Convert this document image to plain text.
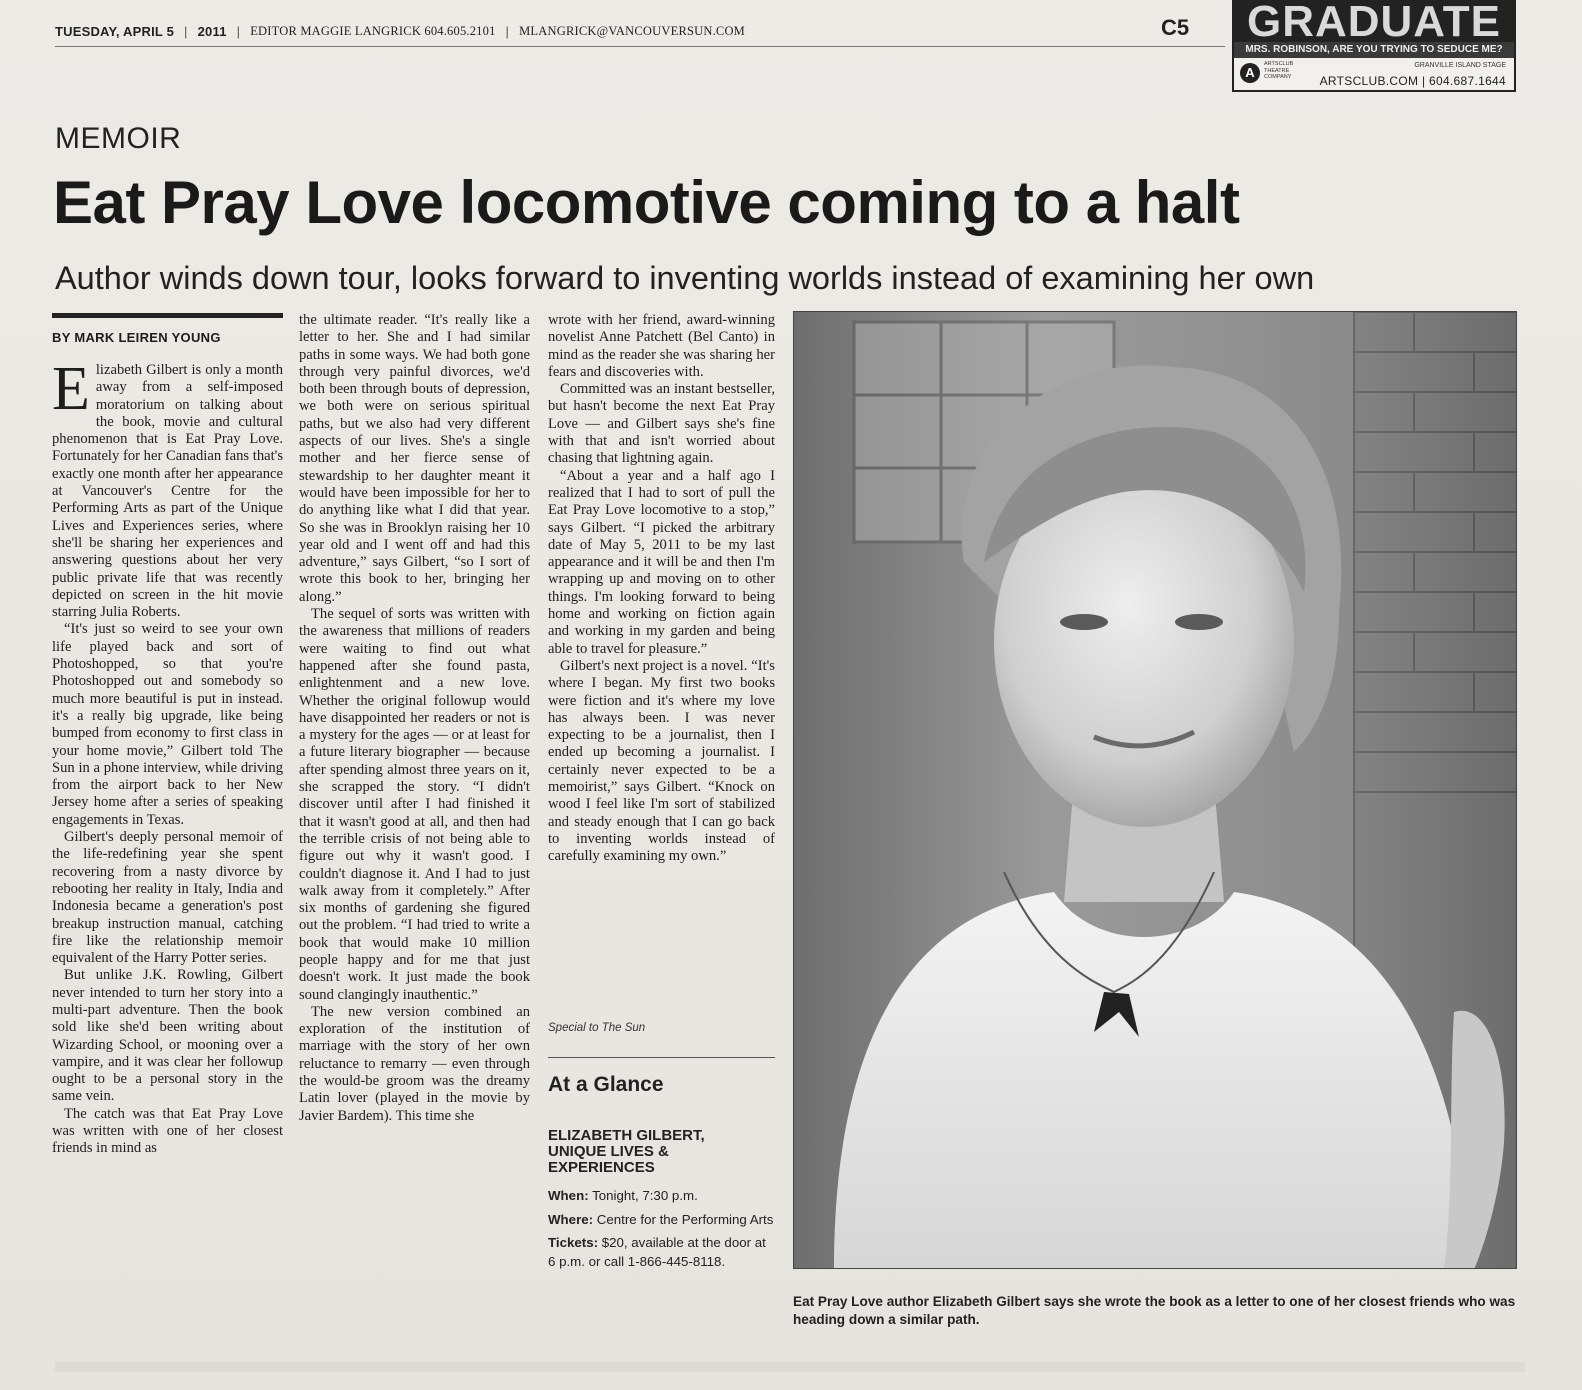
TUESDAY, APRIL 5 | 2011 | EDITOR MAGGIE LANGRICK 604.605.2101 | MLANGRICK@VANCOUVERSUN.COM	C5 GRADUATE
MRS. ROBINSON, ARE YOU TRYING TO SEDUCE ME?
A
ARTSCLUB
THEATRE
COMPANY
GRANVILLE ISLAND STAGE
ARTSCLUB.COM | 604.687.1644
MEMOIR
Eat Pray Love locomotive coming to a halt
Author winds down tour, looks forward to inventing worlds instead of examining her own
BY MARK LEIREN YOUNG

Elizabeth Gilbert is only a month away from a self-imposed moratorium on talking about the book, movie and cultural phenomenon that is Eat Pray Love. Fortunately for her Canadian fans that's exactly one month after her appearance at Vancouver's Centre for the Performing Arts as part of the Unique Lives and Experiences series, where she'll be sharing her experiences and answering questions about her very public private life that was recently depicted on screen in the hit movie starring Julia Roberts.

“It's just so weird to see your own life played back and sort of Photoshopped, so that you're Photoshopped out and somebody so much more beautiful is put in instead. it's a really big upgrade, like being bumped from economy to first class in your home movie,” Gilbert told The Sun in a phone interview, while driving from the airport back to her New Jersey home after a series of speaking engagements in Texas.

Gilbert's deeply personal memoir of the life-redefining year she spent recovering from a nasty divorce by rebooting her reality in Italy, India and Indonesia became a generation's post breakup instruction manual, catching fire like the relationship memoir equivalent of the Harry Potter series.

But unlike J.K. Rowling, Gilbert never intended to turn her story into a multi-part adventure. Then the book sold like she'd been writing about Wizarding School, or mooning over a vampire, and it was clear her followup ought to be a personal story in the same vein.

The catch was that Eat Pray Love was written with one of her closest friends in mind as

the ultimate reader. “It's really like a letter to her. She and I had similar paths in some ways. We had both gone through very painful divorces, we'd both been through bouts of depression, we both were on serious spiritual paths, but we also had very different aspects of our lives. She's a single mother and her fierce sense of stewardship to her daughter meant it would have been impossible for her to do anything like what I did that year. So she was in Brooklyn raising her 10 year old and I went off and had this adventure,” says Gilbert, “so I sort of wrote this book to her, bringing her along.”

The sequel of sorts was written with the awareness that millions of readers were waiting to find out what happened after she found pasta, enlightenment and a new love. Whether the original followup would have disappointed her readers or not is a mystery for the ages — or at least for a future literary biographer — because after spending almost three years on it, she scrapped the story. “I didn't discover until after I had finished it that it wasn't good at all, and then had the terrible crisis of not being able to figure out why it wasn't good. I couldn't diagnose it. And I had to just walk away from it completely.” After six months of gardening she figured out the problem. “I had tried to write a book that would make 10 million people happy and for me that just doesn't work. It just made the book sound clangingly inauthentic.”

The new version combined an exploration of the institution of marriage with the story of her own reluctance to remarry — even through the would-be groom was the dreamy Latin lover (played in the movie by Javier Bardem). This time she

wrote with her friend, award-winning novelist Anne Patchett (Bel Canto) in mind as the reader she was sharing her fears and discoveries with.

Committed was an instant bestseller, but hasn't become the next Eat Pray Love — and Gilbert says she's fine with that and isn't worried about chasing that lightning again.

“About a year and a half ago I realized that I had to sort of pull the Eat Pray Love locomotive to a stop,” says Gilbert. “I picked the arbitrary date of May 5, 2011 to be my last appearance and it will be and then I'm wrapping up and moving on to other things. I'm looking forward to being home and working on fiction again and working in my garden and being able to travel for pleasure.”

Gilbert's next project is a novel. “It's where I began. My first two books were fiction and it's where my love has always been. I was never expecting to be a journalist, then I ended up becoming a journalist. I certainly never expected to be a memoirist,” says Gilbert. “Knock on wood I feel like I'm sort of stabilized and steady enough that I can go back to inventing worlds instead of carefully examining my own.”

Special to The Sun
At a Glance
ELIZABETH GILBERT,
UNIQUE LIVES &
EXPERIENCES
When: Tonight, 7:30 p.m.
Where: Centre for the Performing Arts
Tickets: $20, available at the door at 6 p.m. or call 1-866-445-8118.
Eat Pray Love author Elizabeth Gilbert says she wrote the book as a letter to one of her closest friends who was heading down a similar path.
